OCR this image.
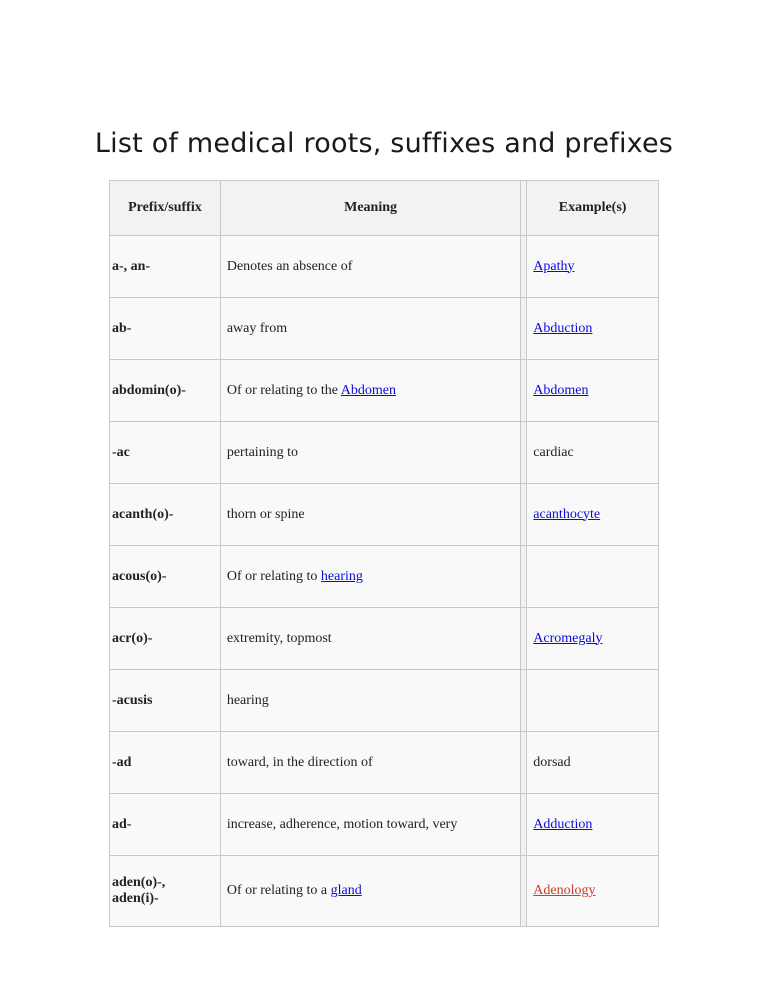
List of medical roots, suffixes and prefixes
Prefix/suffix	Meaning		Example(s)
a-, an-	Denotes an absence of		Apathy
ab-	away from		Abduction
abdomin(o)-	Of or relating to the Abdomen		Abdomen
-ac	pertaining to		cardiac
acanth(o)-	thorn or spine		acanthocyte
acous(o)-	Of or relating to hearing		
acr(o)-	extremity, topmost		Acromegaly
-acusis	hearing		
-ad	toward, in the direction of		dorsad
ad-	increase, adherence, motion toward, very		Adduction
aden(o)-,
aden(i)-	Of or relating to a gland		Adenology
